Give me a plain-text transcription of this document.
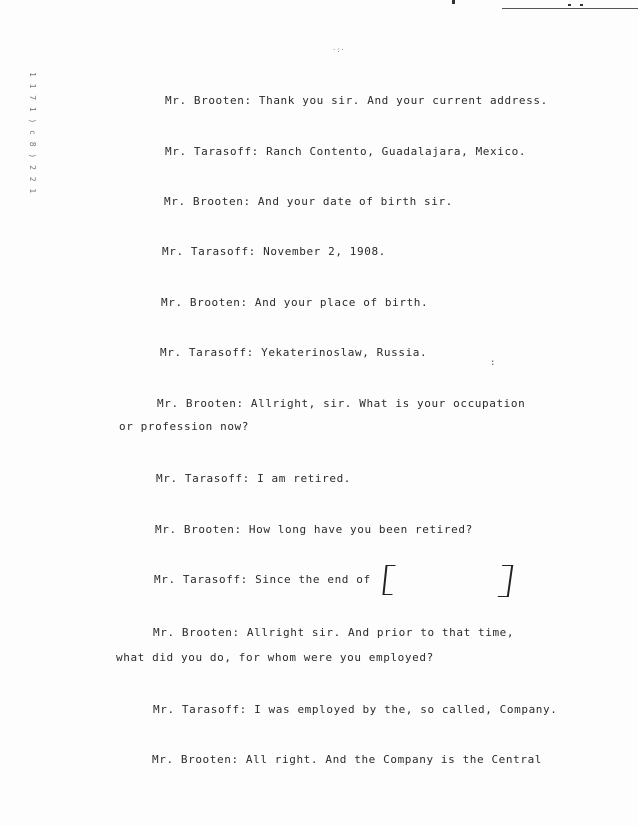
·:·
1 1 7 1 ) c 8 ) 2 2 1	Mr. Brooten: Thank you sir. And your current address.
Mr. Tarasoff: Ranch Contento, Guadalajara, Mexico.
Mr. Brooten: And your date of birth sir.
Mr. Tarasoff: November 2, 1908.
Mr. Brooten: And your place of birth.
Mr. Tarasoff: Yekaterinoslaw, Russia.
Mr. Brooten: Allright, sir. What is your occupation
or profession now?
Mr. Tarasoff: I am retired.
Mr. Brooten: How long have you been retired?
Mr. Tarasoff: Since the end of
Mr. Brooten: Allright sir. And prior to that time,
what did you do, for whom were you employed?
Mr. Tarasoff: I was employed by the, so called, Company.
Mr. Brooten: All right. And the Company is the Central
:
